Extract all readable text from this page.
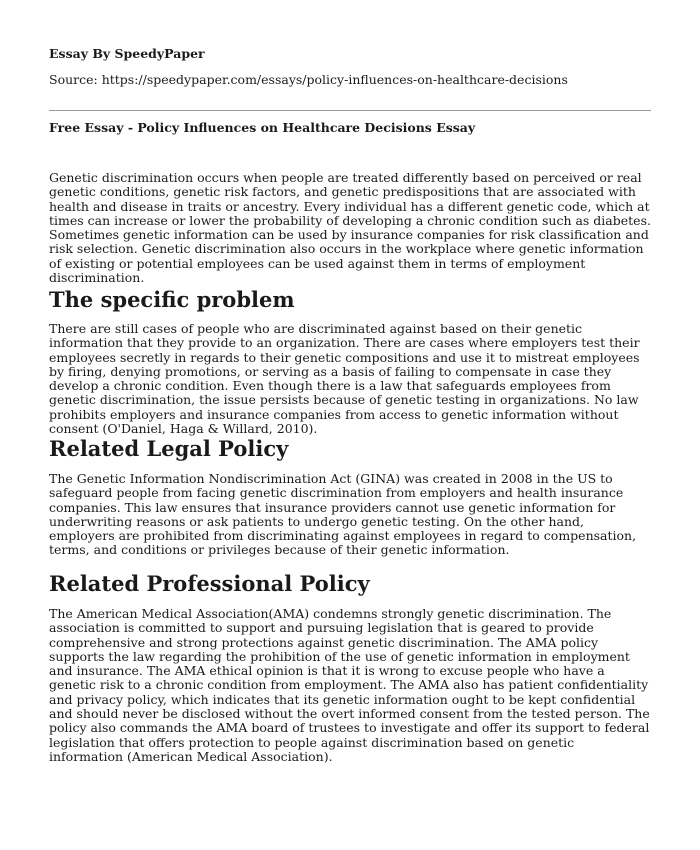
Essay By SpeedyPaper
Source: https://speedypaper.com/essays/policy-influences-on-healthcare-decisions
Free Essay - Policy Influences on Healthcare Decisions Essay

Genetic discrimination occurs when people are treated differently based on perceived or real genetic conditions, genetic risk factors, and genetic predispositions that are associated with health and disease in traits or ancestry. Every individual has a different genetic code, which at times can increase or lower the probability of developing a chronic condition such as diabetes. Sometimes genetic information can be used by insurance companies for risk classification and risk selection. Genetic discrimination also occurs in the workplace where genetic information of existing or potential employees can be used against them in terms of employment discrimination.

The specific problem

There are still cases of people who are discriminated against based on their genetic information that they provide to an organization. There are cases where employers test their employees secretly in regards to their genetic compositions and use it to mistreat employees by firing, denying promotions, or serving as a basis of failing to compensate in case they develop a chronic condition. Even though there is a law that safeguards employees from genetic discrimination, the issue persists because of genetic testing in organizations. No law prohibits employers and insurance companies from access to genetic information without consent (O'Daniel, Haga & Willard, 2010).

Related Legal Policy

The Genetic Information Nondiscrimination Act (GINA) was created in 2008 in the US to safeguard people from facing genetic discrimination from employers and health insurance companies. This law ensures that insurance providers cannot use genetic information for underwriting reasons or ask patients to undergo genetic testing. On the other hand, employers are prohibited from discriminating against employees in regard to compensation, terms, and conditions or privileges because of their genetic information.

Related Professional Policy

The American Medical Association(AMA) condemns strongly genetic discrimination. The association is committed to support and pursuing legislation that is geared to provide comprehensive and strong protections against genetic discrimination. The AMA policy supports the law regarding the prohibition of the use of genetic information in employment and insurance. The AMA ethical opinion is that it is wrong to excuse people who have a genetic risk to a chronic condition from employment. The AMA also has patient confidentiality and privacy policy, which indicates that its genetic information ought to be kept confidential and should never be disclosed without the overt informed consent from the tested person. The policy also commands the AMA board of trustees to investigate and offer its support to federal legislation that offers protection to people against discrimination based on genetic information (American Medical Association).
